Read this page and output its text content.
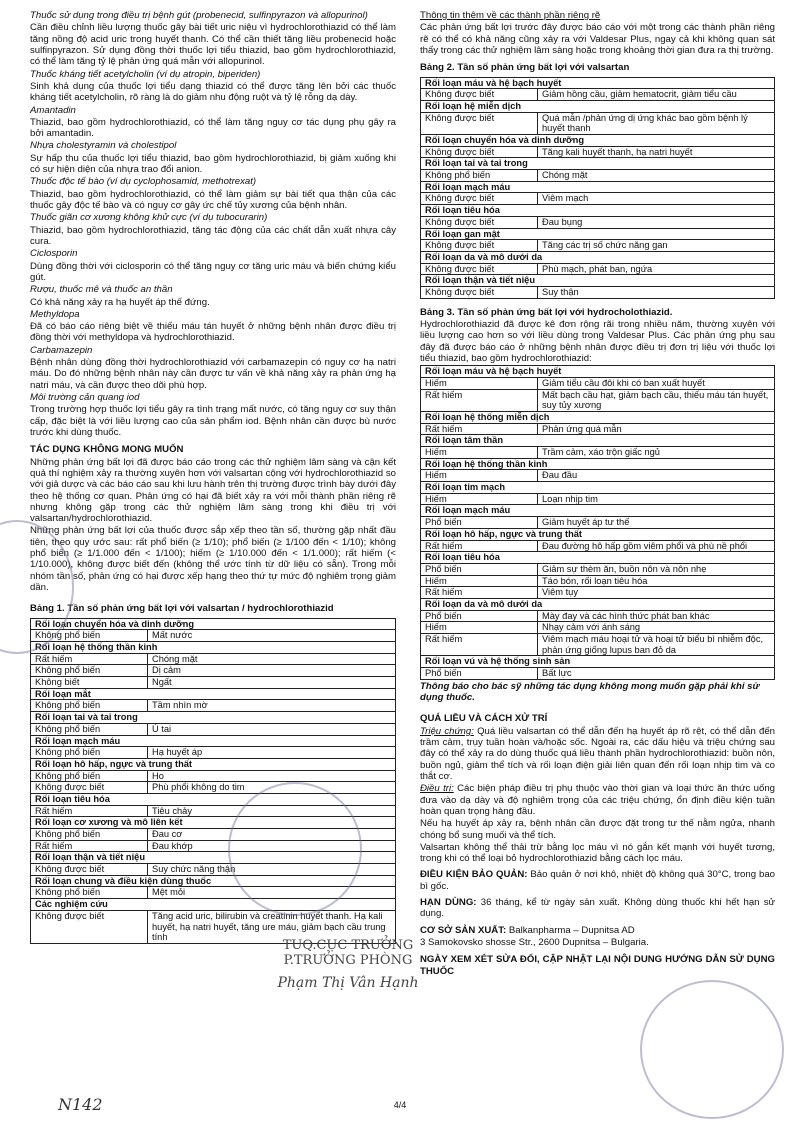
Thuốc sử dụng trong điều trị bệnh gút (probenecid, sulfinpyrazon và allopurinol)

Cần điều chỉnh liều lượng thuốc gây bài tiết uric niệu vì hydrochlorothiazid có thể làm tăng nồng độ acid uric trong huyết thanh. Có thể cần thiết tăng liều probenecid hoặc sulfinpyrazon. Sử dụng đồng thời thuốc lợi tiểu thiazid, bao gồm hydrochlorothiazid, có thể làm tăng tỷ lệ phản ứng quá mẫn với allopurinol.

Thuốc kháng tiết acetylcholin (ví dụ atropin, biperiden)

Sinh khả dụng của thuốc lợi tiểu dạng thiazid có thể được tăng lên bởi các thuốc kháng tiết acetylcholin, rõ ràng là do giảm nhu động ruột và tỷ lệ rỗng dạ dày.

Amantadin

Thiazid, bao gồm hydrochlorothiazid, có thể làm tăng nguy cơ tác dụng phụ gây ra bởi amantadin.

Nhựa cholestyramin và cholestipol

Sự hấp thu của thuốc lợi tiểu thiazid, bao gồm hydrochlorothiazid, bị giảm xuống khi có sự hiện diện của nhựa trao đổi anion.

Thuốc độc tế bào (ví dụ cyclophosamid, methotrexat)

Thiazid, bao gồm hydrochlorothiazid, có thể làm giảm sự bài tiết qua thận của các thuốc gây độc tế bào và có nguy cơ gây ức chế tủy xương của bệnh nhân.

Thuốc giãn cơ xương không khử cực (ví dụ tubocurarin)

Thiazid, bao gồm hydrochlorothiazid, tăng tác động của các chất dẫn xuất nhựa cây cura.

Ciclosporin

Dùng đồng thời với ciclosporin có thể tăng nguy cơ tăng uric máu và biến chứng kiểu gút.

Rượu, thuốc mê và thuốc an thần

Có khả năng xảy ra hạ huyết áp thế đứng.

Methyldopa

Đã có báo cáo riêng biệt về thiếu máu tán huyết ở những bệnh nhân được điều trị đồng thời với methyldopa và hydrochlorothiazid.

Carbamazepin

Bệnh nhân dùng đồng thời hydrochlorothiazid với carbamazepin có nguy cơ hạ natri máu. Do đó những bệnh nhân này cần được tư vấn về khả năng xảy ra phản ứng hạ natri máu, và cần được theo dõi phù hợp.

Môi trường cản quang iod

Trong trường hợp thuốc lợi tiểu gây ra tình trạng mất nước, có tăng nguy cơ suy thận cấp, đặc biệt là với liều lượng cao của sản phẩm iod. Bệnh nhân cần được bù nước trước khi dùng thuốc.

TÁC DỤNG KHÔNG MONG MUỐN

Những phản ứng bất lợi đã được báo cáo trong các thử nghiệm lâm sàng và cận kết quả thí nghiệm xảy ra thường xuyên hơn với valsartan cộng với hydrochlorothiazid so với giả dược và các báo cáo sau khi lưu hành trên thị trường được trình bày dưới đây theo hệ thống cơ quan. Phản ứng có hại đã biết xảy ra với mỗi thành phần riêng rẽ nhưng không gặp trong các thử nghiệm lâm sàng trong khi điều trị với valsartan/hydrochlorothiazid.

Những phản ứng bất lợi của thuốc được sắp xếp theo tần số, thường gặp nhất đầu tiên, theo quy ước sau: rất phổ biến (≥ 1/10); phổ biến (≥ 1/100 đến < 1/10); không phổ biến (≥ 1/1.000 đến < 1/100); hiếm (≥ 1/10.000 đến < 1/1.000); rất hiếm (< 1/10.000), không được biết đến (không thể ước tính từ dữ liệu có sẵn). Trong mỗi nhóm tần số, phản ứng có hại được xếp hạng theo thứ tự mức độ nghiêm trọng giảm dần.

Bảng 1. Tần số phản ứng bất lợi với valsartan / hydrochlorothiazid
Rối loạn chuyển hóa và dinh dưỡng	
Không phổ biến	Mất nước
Rối loạn hệ thống thần kinh	
Rất hiếm	Chóng mặt
Không phổ biến	Dị cảm
Không biết	Ngất
Rối loạn mắt	
Không phổ biến	Tầm nhìn mờ
Rối loạn tai và tai trong	
Không phổ biến	Ù tai
Rối loạn mạch máu	
Không phổ biến	Hạ huyết áp
Rối loạn hô hấp, ngực và trung thất	
Không phổ biến	Ho
Không được biết	Phù phổi không do tim
Rối loạn tiêu hóa	
Rất hiếm	Tiêu chảy
Rối loạn cơ xương và mô liên kết	
Không phổ biến	Đau cơ
Rất hiếm	Đau khớp
Rối loạn thận và tiết niệu	
Không được biết	Suy chức năng thận
Rối loạn chung và điều kiện dùng thuốc	
Không phổ biến	Mệt mỏi
Các nghiệm cứu	
Không được biết	Tăng acid uric, bilirubin và creatinin huyết thanh. Hạ kali huyết, hạ natri huyết, tăng ure máu, giảm bạch cầu trung tính

Thông tin thêm về các thành phần riêng rẽ

Các phản ứng bất lợi trước đây được báo cáo với một trong các thành phần riêng rẽ có thể có khả năng cũng xảy ra với Valdesar Plus, ngay cả khi không quan sát thấy trong các thử nghiệm lâm sàng hoặc trong khoảng thời gian đưa ra thị trường.

Bảng 2. Tần số phản ứng bất lợi với valsartan
Rối loạn máu và hệ bạch huyết	
Không được biết	Giảm hồng cầu, giảm hematocrit, giảm tiểu cầu
Rối loạn hệ miễn dịch	
Không được biết	Quá mẫn /phản ứng dị ứng khác bao gồm bệnh lý huyết thanh
Rối loạn chuyển hóa và dinh dưỡng	
Không được biết	Tăng kali huyết thanh, hạ natri huyết
Rối loạn tai và tai trong	
Không phổ biến	Chóng mặt
Rối loạn mạch máu	
Không được biết	Viêm mạch
Rối loạn tiêu hóa	
Không được biết	Đau bụng
Rối loạn gan mật	
Không được biết	Tăng các trị số chức năng gan
Rối loạn da và mô dưới da	
Không được biết	Phù mạch, phát ban, ngứa
Rối loạn thận và tiết niệu	
Không được biết	Suy thận
Bảng 3. Tần số phản ứng bất lợi với hydrocholothiazid.

Hydrochlorothiazid đã được kê đơn rộng rãi trong nhiều năm, thường xuyên với liều lượng cao hơn so với liều dùng trong Valdesar Plus. Các phản ứng phụ sau đây đã được báo cáo ở những bệnh nhân được điều trị đơn trị liệu với thuốc lợi tiểu thiazid, bao gồm hydrochlorothiazid:

Rối loạn máu và hệ bạch huyết	
Hiếm	Giảm tiểu cầu đôi khi có ban xuất huyết
Rất hiếm	Mất bạch cầu hạt, giảm bạch cầu, thiếu máu tán huyết, suy tủy xương
Rối loạn hệ thống miễn dịch	
Rất hiếm	Phản ứng quá mẫn
Rối loạn tâm thần	
Hiếm	Trầm cảm, xáo trộn giấc ngủ
Rối loạn hệ thống thần kinh	
Hiếm	Đau đầu
Rối loạn tim mạch	
Hiếm	Loạn nhịp tim
Rối loạn mạch máu	
Phổ biến	Giảm huyết áp tư thế
Rối loạn hô hấp, ngực và trung thất	
Rất hiếm	Đau đường hô hấp gồm viêm phổi và phù nề phổi
Rối loạn tiêu hóa	
Phổ biến	Giảm sự thèm ăn, buồn nôn và nôn nhẹ
Hiếm	Táo bón, rối loạn tiêu hóa
Rất hiếm	Viêm tụy
Rối loạn da và mô dưới da	
Phổ biến	Mày đay và các hình thức phát ban khác
Hiếm	Nhạy cảm với ánh sáng
Rất hiếm	Viêm mạch máu hoại tử và hoại tử biểu bì nhiễm độc, phản ứng giống lupus ban đỏ da
Rối loạn vú và hệ thống sinh sản	
Phổ biến	Bất lực
Thông báo cho bác sỹ những tác dụng không mong muốn gặp phải khi sử dụng thuốc.
QUÁ LIỀU VÀ CÁCH XỬ TRÍ

Triệu chứng: Quá liều valsartan có thể dẫn đến hạ huyết áp rõ rệt, có thể dẫn đến trầm cảm, trụy tuần hoàn và/hoặc sốc. Ngoài ra, các dấu hiệu và triệu chứng sau đây có thể xảy ra do dùng thuốc quá liều thành phần hydrochlorothiazid: buồn nôn, buồn ngủ, giảm thể tích và rối loạn điện giải liên quan đến rối loạn nhịp tim và co thắt cơ.

Điều trị: Các biện pháp điều trị phụ thuộc vào thời gian và loại thức ăn thức uống đưa vào dạ dày và độ nghiêm trọng của các triệu chứng, ổn định điều kiện tuần hoàn quan trọng hàng đầu.

Nếu hạ huyết áp xảy ra, bệnh nhân cần được đặt trong tư thế nằm ngửa, nhanh chóng bổ sung muối và thể tích.

Valsartan không thể thải trừ bằng lọc máu vì nó gắn kết mạnh với huyết tương, trong khi có thể loại bỏ hydrochlorothiazid bằng cách lọc máu.

ĐIỀU KIỆN BẢO QUẢN: Bảo quản ở nơi khô, nhiệt độ không quá 30°C, trong bao bì gốc.

HẠN DÙNG: 36 tháng, kể từ ngày sản xuất. Không dùng thuốc khi hết hạn sử dụng.

CƠ SỞ SẢN XUẤT: Balkanpharma – Dupnitsa AD

3 Samokovsko shosse Str., 2600 Dupnitsa – Bulgaria.

NGÀY XEM XÉT SỬA ĐỔI, CẬP NHẬT LẠI NỘI DUNG HƯỚNG DẪN SỬ DỤNG THUỐC

TUQ.CỤC TRƯỞNG
P.TRƯỞNG PHÒNG
Phạm Thị Vân Hạnh
N142	4/4
